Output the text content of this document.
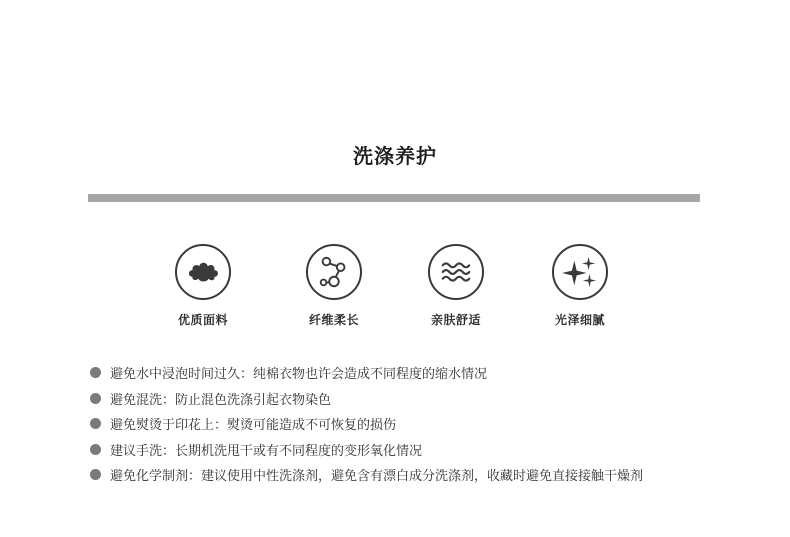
洗涤养护
优质面料	纤维柔长	亲肤舒适	光泽细腻
避免水中浸泡时间过久：纯棉衣物也许会造成不同程度的缩水情况
避免混洗：防止混色洗涤引起衣物染色
避免熨烫于印花上：熨烫可能造成不可恢复的损伤
建议手洗：长期机洗甩干或有不同程度的变形氧化情况
避免化学制剂：建议使用中性洗涤剂，避免含有漂白成分洗涤剂，收藏时避免直接接触干燥剂
